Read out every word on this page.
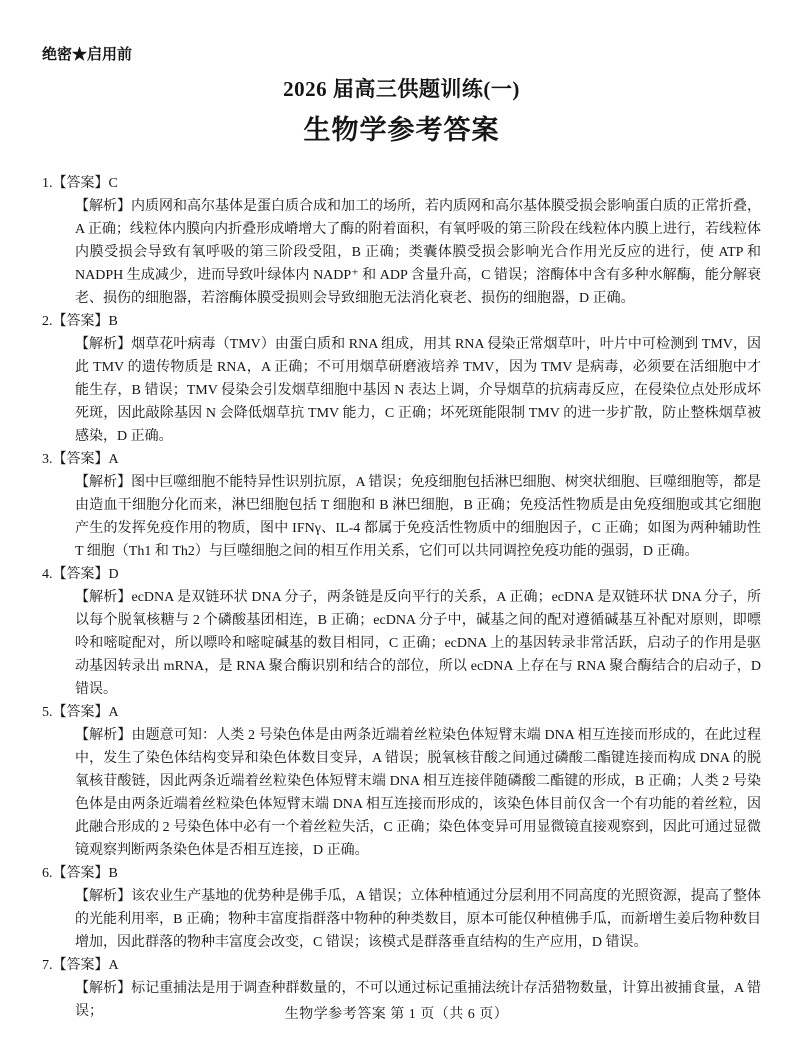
绝密★启用前
2026 届高三供题训练(一)
生物学参考答案
1.【答案】C
【解析】内质网和高尔基体是蛋白质合成和加工的场所，若内质网和高尔基体膜受损会影响蛋白质的正常折叠，A 正确；线粒体内膜向内折叠形成嵴增大了酶的附着面积，有氧呼吸的第三阶段在线粒体内膜上进行，若线粒体内膜受损会导致有氧呼吸的第三阶段受阻，B 正确；类囊体膜受损会影响光合作用光反应的进行，使 ATP 和 NADPH 生成减少，进而导致叶绿体内 NADP⁺ 和 ADP 含量升高，C 错误；溶酶体中含有多种水解酶，能分解衰老、损伤的细胞器，若溶酶体膜受损则会导致细胞无法消化衰老、损伤的细胞器，D 正确。
2.【答案】B
【解析】烟草花叶病毒（TMV）由蛋白质和 RNA 组成，用其 RNA 侵染正常烟草叶，叶片中可检测到 TMV，因此 TMV 的遗传物质是 RNA，A 正确；不可用烟草研磨液培养 TMV，因为 TMV 是病毒，必须要在活细胞中才能生存，B 错误；TMV 侵染会引发烟草细胞中基因 N 表达上调，介导烟草的抗病毒反应，在侵染位点处形成坏死斑，因此敲除基因 N 会降低烟草抗 TMV 能力，C 正确；坏死斑能限制 TMV 的进一步扩散，防止整株烟草被感染，D 正确。
3.【答案】A
【解析】图中巨噬细胞不能特异性识别抗原，A 错误；免疫细胞包括淋巴细胞、树突状细胞、巨噬细胞等，都是由造血干细胞分化而来，淋巴细胞包括 T 细胞和 B 淋巴细胞，B 正确；免疫活性物质是由免疫细胞或其它细胞产生的发挥免疫作用的物质，图中 IFNγ、IL-4 都属于免疫活性物质中的细胞因子，C 正确；如图为两种辅助性 T 细胞（Th1 和 Th2）与巨噬细胞之间的相互作用关系，它们可以共同调控免疫功能的强弱，D 正确。
4.【答案】D
【解析】ecDNA 是双链环状 DNA 分子，两条链是反向平行的关系，A 正确；ecDNA 是双链环状 DNA 分子，所以每个脱氧核糖与 2 个磷酸基团相连，B 正确；ecDNA 分子中，碱基之间的配对遵循碱基互补配对原则，即嘌呤和嘧啶配对，所以嘌呤和嘧啶碱基的数目相同，C 正确；ecDNA 上的基因转录非常活跃，启动子的作用是驱动基因转录出 mRNA，是 RNA 聚合酶识别和结合的部位，所以 ecDNA 上存在与 RNA 聚合酶结合的启动子，D 错误。
5.【答案】A
【解析】由题意可知：人类 2 号染色体是由两条近端着丝粒染色体短臂末端 DNA 相互连接而形成的，在此过程中，发生了染色体结构变异和染色体数目变异，A 错误；脱氧核苷酸之间通过磷酸二酯键连接而构成 DNA 的脱氧核苷酸链，因此两条近端着丝粒染色体短臂末端 DNA 相互连接伴随磷酸二酯键的形成，B 正确；人类 2 号染色体是由两条近端着丝粒染色体短臂末端 DNA 相互连接而形成的，该染色体目前仅含一个有功能的着丝粒，因此融合形成的 2 号染色体中必有一个着丝粒失活，C 正确；染色体变异可用显微镜直接观察到，因此可通过显微镜观察判断两条染色体是否相互连接，D 正确。
6.【答案】B
【解析】该农业生产基地的优势种是佛手瓜，A 错误；立体种植通过分层利用不同高度的光照资源，提高了整体的光能利用率，B 正确；物种丰富度指群落中物种的种类数目，原本可能仅种植佛手瓜，而新增生姜后物种数目增加，因此群落的物种丰富度会改变，C 错误；该模式是群落垂直结构的生产应用，D 错误。
7.【答案】A
【解析】标记重捕法是用于调查种群数量的，不可以通过标记重捕法统计存活猎物数量，计算出被捕食量，A 错误；	生物学参考答案 第 1 页（共 6 页）
